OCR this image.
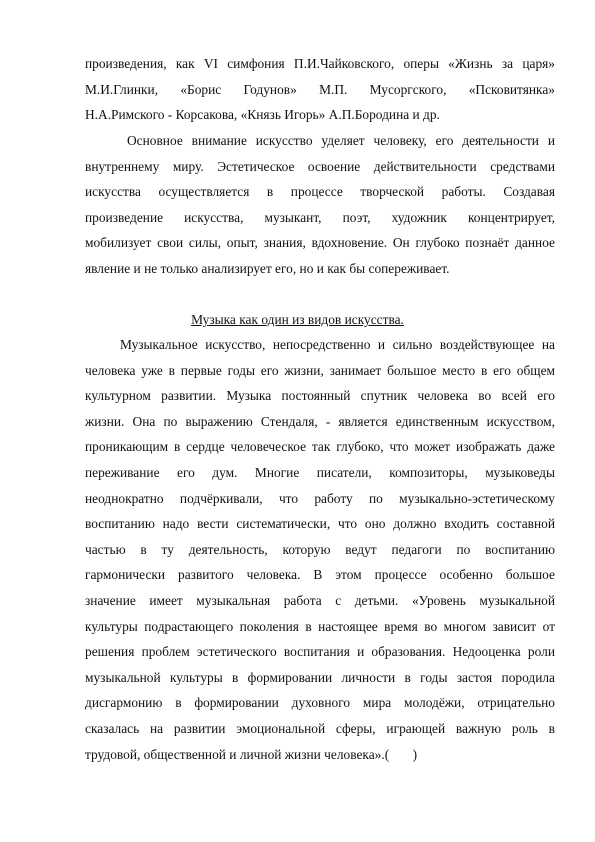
произведения, как VI симфония П.И.Чайковского, оперы «Жизнь за царя»
М.И.Глинки, «Борис Годунов» М.П. Мусоргского, «Псковитянка»
Н.А.Римского - Корсакова, «Князь Игорь» А.П.Бородина и др.
Основное внимание искусство уделяет человеку, его деятельности и
внутреннему миру. Эстетическое освоение действительности средствами
искусства осуществляется в процессе творческой работы. Создавая
произведение искусства, музыкант, поэт, художник концентрирует,
мобилизует свои силы, опыт, знания, вдохновение. Он глубоко познаёт данное
явление и не только анализирует его, но и как бы сопереживает.
Музыка как один из видов искусства.
Музыкальное искусство, непосредственно и сильно воздействующее на
человека уже в первые годы его жизни, занимает большое место в его общем
культурном развитии. Музыка постоянный спутник человека во всей его
жизни. Она по выражению Стендаля, - является единственным искусством,
проникающим в сердце человеческое так глубоко, что может изображать даже
переживание его дум. Многие писатели, композиторы, музыковеды
неоднократно подчёркивали, что работу по музыкально-эстетическому
воспитанию надо вести систематически, что оно должно входить составной
частью в ту деятельность, которую ведут педагоги по воспитанию
гармонически развитого человека. В этом процессе особенно большое
значение имеет музыкальная работа с детьми. «Уровень музыкальной
культуры подрастающего поколения в настоящее время во многом зависит от
решения проблем эстетического воспитания и образования. Недооценка роли
музыкальной культуры в формировании личности в годы застоя породила
дисгармонию в формировании духовного мира молодёжи, отрицательно
сказалась на развитии эмоциональной сферы, играющей важную роль в
трудовой, общественной и личной жизни человека».(       )
